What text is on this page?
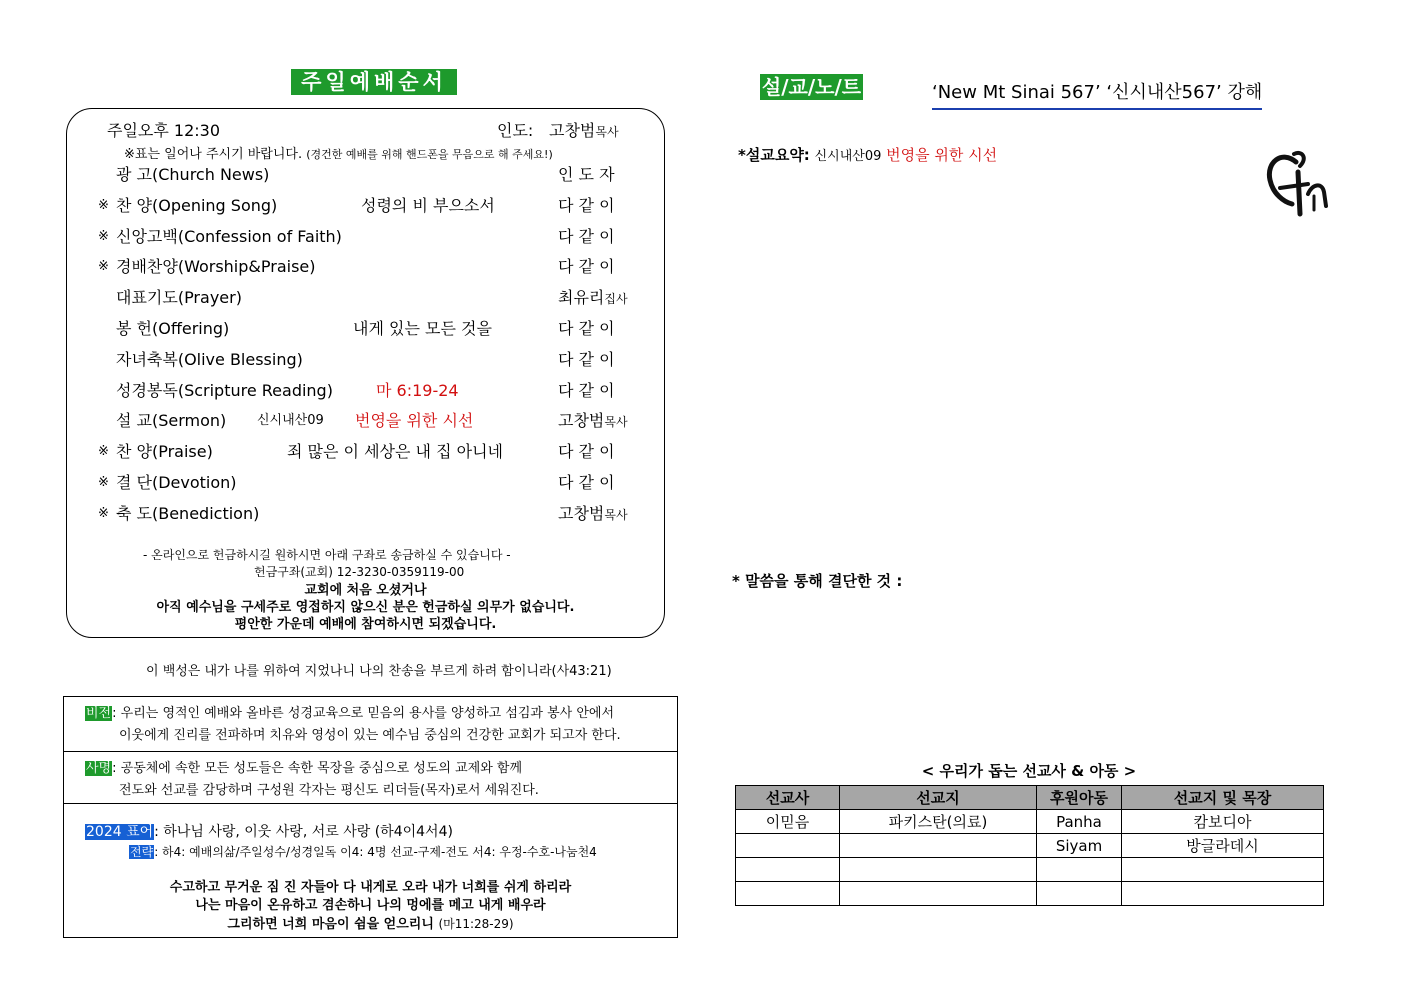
주일예배순서
주일오후 12:30	인도: 고창범목사
※표는 일어나 주시기 바랍니다. (경건한 예배를 위해 핸드폰을 무음으로 해 주세요!)
광 고(Church News)	인 도 자
※ 찬 양(Opening Song)	성령의 비 부으소서	다 같 이
※ 신앙고백(Confession of Faith)	다 같 이
※ 경배찬양(Worship&Praise)	다 같 이
대표기도(Prayer)	최유리집사
봉 헌(Offering)	내게 있는 모든 것을	다 같 이
자녀축복(Olive Blessing)	다 같 이
성경봉독(Scripture Reading)	마 6:19-24	다 같 이
설 교(Sermon) 신시내산09 번영을 위한 시선	고창범목사
※ 찬 양(Praise)	죄 많은 이 세상은 내 집 아니네	다 같 이
※ 결 단(Devotion)	다 같 이
※ 축 도(Benediction)	고창범목사
- 온라인으로 헌금하시길 원하시면 아래 구좌로 송금하실 수 있습니다 -
헌금구좌(교회) 12-3230-0359119-00
교회에 처음 오셨거나
아직 예수님을 구세주로 영접하지 않으신 분은 헌금하실 의무가 없습니다.
평안한 가운데 예배에 참여하시면 되겠습니다.
이 백성은 내가 나를 위하여 지었나니 나의 찬송을 부르게 하려 함이니라(사43:21)
비전: 우리는 영적인 예배와 올바른 성경교육으로 믿음의 용사를 양성하고 섬김과 봉사 안에서
이웃에게 진리를 전파하며 치유와 영성이 있는 예수님 중심의 건강한 교회가 되고자 한다.
사명: 공동체에 속한 모든 성도들은 속한 목장을 중심으로 성도의 교제와 함께
전도와 선교를 감당하며 구성원 각자는 평신도 리더들(목자)로서 세워진다.
2024 표어: 하나님 사랑, 이웃 사랑, 서로 사랑 (하4이4서4)
전략: 하4: 예배의삶/주일성수/성경일독 이4: 4명 선교-구제-전도 서4: 우정-수호-나눔천4
수고하고 무거운 짐 진 자들아 다 내게로 오라 내가 너희를 쉬게 하리라
나는 마음이 온유하고 겸손하니 나의 멍에를 메고 내게 배우라
그리하면 너희 마음이 쉼을 얻으리니 (마11:28-29)
설/교/노/트	‘New Mt Sinai 567’ ‘신시내산567’ 강해
*설교요약: 신시내산09 번영을 위한 시선
* 말씀을 통해 결단한 것 :
< 우리가 돕는 선교사 & 아동 >
선교사	선교지	후원아동	선교지 및 목장
이믿음	파키스탄(의료)	Panha	캄보디아
		Siyam	방글라데시
